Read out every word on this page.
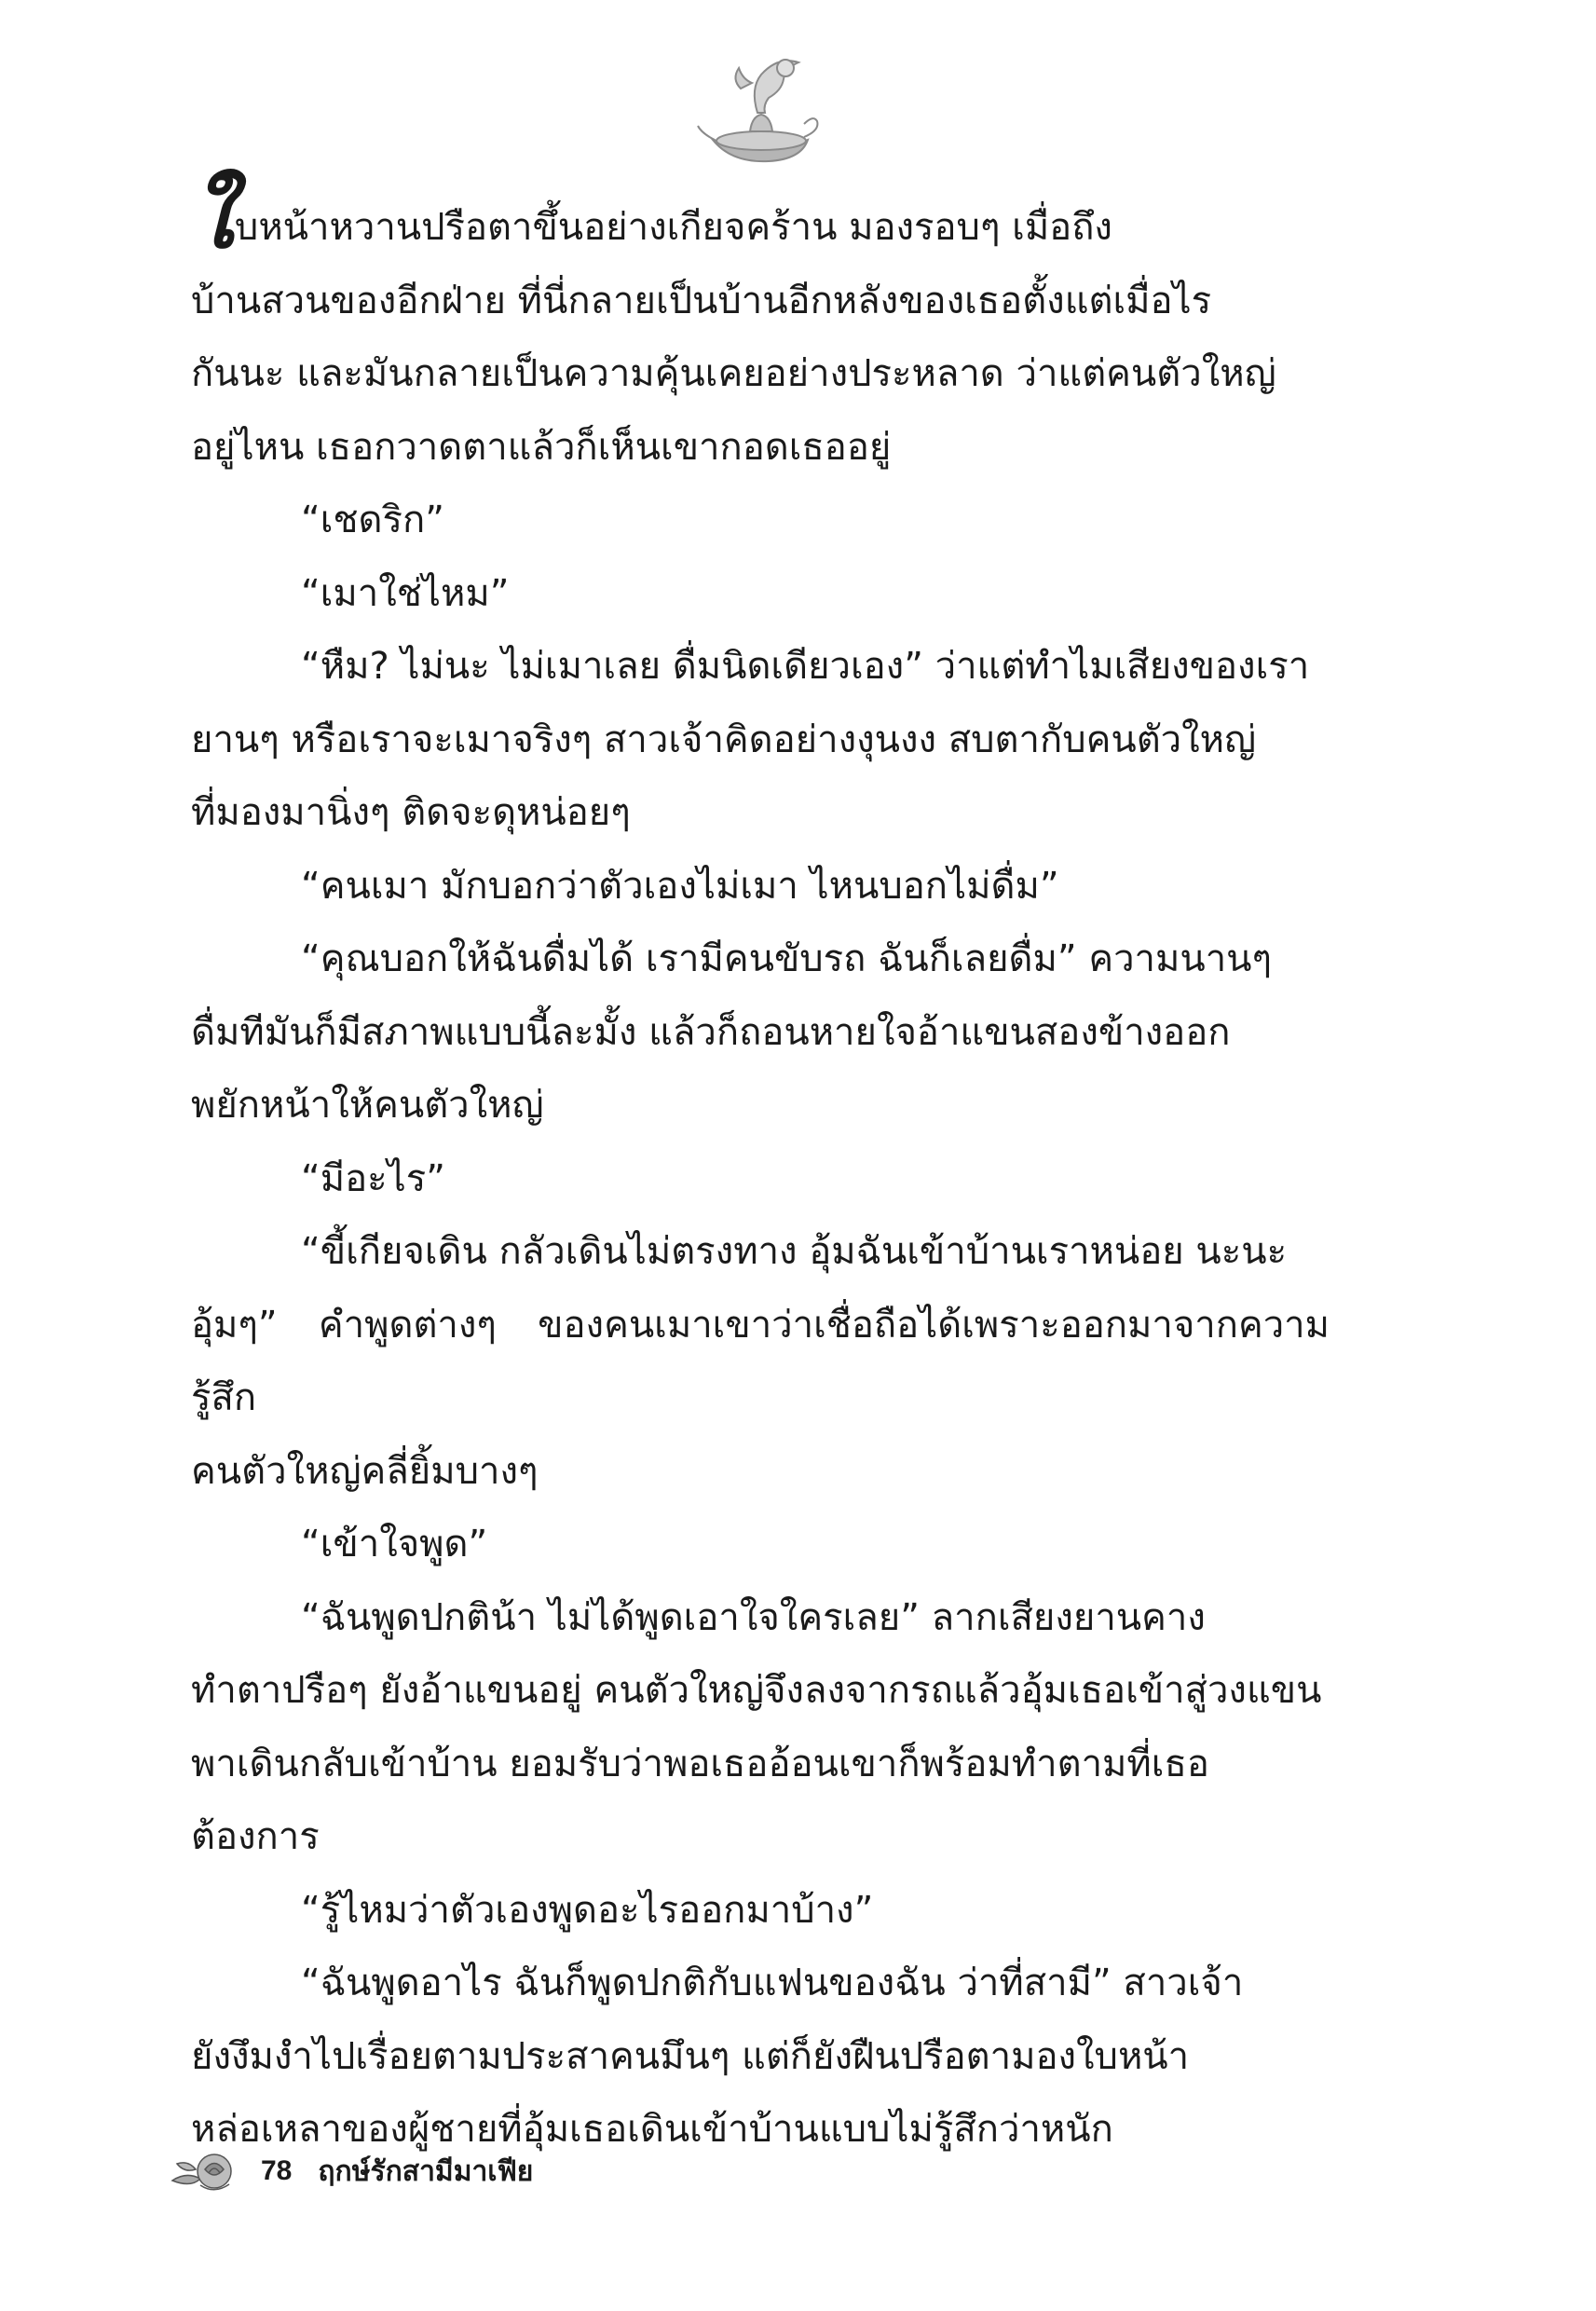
ใบหน้าหวานปรือตาขึ้นอย่างเกียจคร้าน มองรอบๆ เมื่อถึง

บ้านสวนของอีกฝ่าย ที่นี่กลายเป็นบ้านอีกหลังของเธอตั้งแต่เมื่อไร
กันนะ และมันกลายเป็นความคุ้นเคยอย่างประหลาด ว่าแต่คนตัวใหญ่
อยู่ไหน เธอกวาดตาแล้วก็เห็นเขากอดเธออยู่

“เชดริก”

“เมาใช่ไหม”

“หืม? ไม่นะ ไม่เมาเลย ดื่มนิดเดียวเอง” ว่าแต่ทำไมเสียงของเรา
ยานๆ หรือเราจะเมาจริงๆ สาวเจ้าคิดอย่างงุนงง สบตากับคนตัวใหญ่
ที่มองมานิ่งๆ ติดจะดุหน่อยๆ

“คนเมา มักบอกว่าตัวเองไม่เมา ไหนบอกไม่ดื่ม”

“คุณบอกให้ฉันดื่มได้ เรามีคนขับรถ ฉันก็เลยดื่ม” ความนานๆ
ดื่มทีมันก็มีสภาพแบบนี้ละมั้ง แล้วก็ถอนหายใจอ้าแขนสองข้างออก
พยักหน้าให้คนตัวใหญ่

“มีอะไร”

“ขี้เกียจเดิน กลัวเดินไม่ตรงทาง อุ้มฉันเข้าบ้านเราหน่อย นะนะ
อุ้มๆ” คำพูดต่างๆ ของคนเมาเขาว่าเชื่อถือได้เพราะออกมาจากความรู้สึก
คนตัวใหญ่คลี่ยิ้มบางๆ

“เข้าใจพูด”

“ฉันพูดปกติน้า ไม่ได้พูดเอาใจใครเลย” ลากเสียงยานคาง
ทำตาปรือๆ ยังอ้าแขนอยู่ คนตัวใหญ่จึงลงจากรถแล้วอุ้มเธอเข้าสู่วงแขน
พาเดินกลับเข้าบ้าน ยอมรับว่าพอเธออ้อนเขาก็พร้อมทำตามที่เธอ
ต้องการ

“รู้ไหมว่าตัวเองพูดอะไรออกมาบ้าง”

“ฉันพูดอาไร ฉันก็พูดปกติกับแฟนของฉัน ว่าที่สามี” สาวเจ้า
ยังงึมงำไปเรื่อยตามประสาคนมึนๆ แต่ก็ยังฝืนปรือตามองใบหน้า
หล่อเหลาของผู้ชายที่อุ้มเธอเดินเข้าบ้านแบบไม่รู้สึกว่าหนัก

78 ฤกษ์รักสามีมาเฟีย
